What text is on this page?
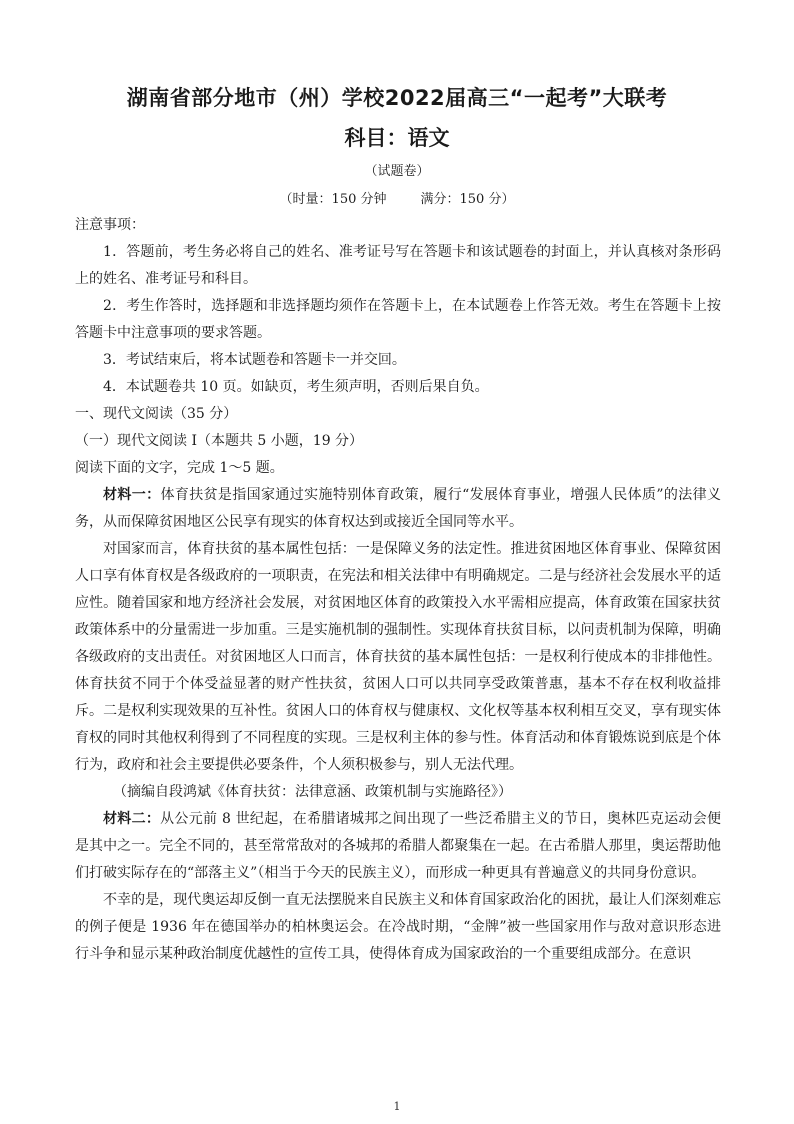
湖南省部分地市（州）学校2022届高三“一起考”大联考
科目：语文
（试题卷）
（时量：150 分钟	满分：150 分）

注意事项：

1．答题前，考生务必将自己的姓名、准考证号写在答题卡和该试题卷的封面上，并认真核对条形码上的姓名、准考证号和科目。

2．考生作答时，选择题和非选择题均须作在答题卡上，在本试题卷上作答无效。考生在答题卡上按答题卡中注意事项的要求答题。

3．考试结束后，将本试题卷和答题卡一并交回。

4．本试题卷共 10 页。如缺页，考生须声明，否则后果自负。

一、现代文阅读（35 分）

（一）现代文阅读 I（本题共 5 小题，19 分）

阅读下面的文字，完成 1～5 题。

材料一：体育扶贫是指国家通过实施特别体育政策，履行“发展体育事业，增强人民体质”的法律义务，从而保障贫困地区公民享有现实的体育权达到或接近全国同等水平。

对国家而言，体育扶贫的基本属性包括：一是保障义务的法定性。推进贫困地区体育事业、保障贫困人口享有体育权是各级政府的一项职责，在宪法和相关法律中有明确规定。二是与经济社会发展水平的适应性。随着国家和地方经济社会发展，对贫困地区体育的政策投入水平需相应提高，体育政策在国家扶贫政策体系中的分量需进一步加重。三是实施机制的强制性。实现体育扶贫目标，以问责机制为保障，明确各级政府的支出责任。对贫困地区人口而言，体育扶贫的基本属性包括：一是权利行使成本的非排他性。体育扶贫不同于个体受益显著的财产性扶贫，贫困人口可以共同享受政策普惠，基本不存在权利收益排斥。二是权利实现效果的互补性。贫困人口的体育权与健康权、文化权等基本权利相互交叉，享有现实体育权的同时其他权利得到了不同程度的实现。三是权利主体的参与性。体育活动和体育锻炼说到底是个体行为，政府和社会主要提供必要条件，个人须积极参与，别人无法代理。

（摘编自段鸿斌《体育扶贫：法律意涵、政策机制与实施路径》）

材料二：从公元前 8 世纪起，在希腊诸城邦之间出现了一些泛希腊主义的节日，奥林匹克运动会便是其中之一。完全不同的，甚至常常敌对的各城邦的希腊人都聚集在一起。在古希腊人那里，奥运帮助他们打破实际存在的“部落主义”（相当于今天的民族主义），而形成一种更具有普遍意义的共同身份意识。

不幸的是，现代奥运却反倒一直无法摆脱来自民族主义和体育国家政治化的困扰，最让人们深刻难忘的例子便是 1936 年在德国举办的柏林奥运会。在冷战时期，“金牌”被一些国家用作与敌对意识形态进行斗争和显示某种政治制度优越性的宣传工具，使得体育成为国家政治的一个重要组成部分。在意识

1
